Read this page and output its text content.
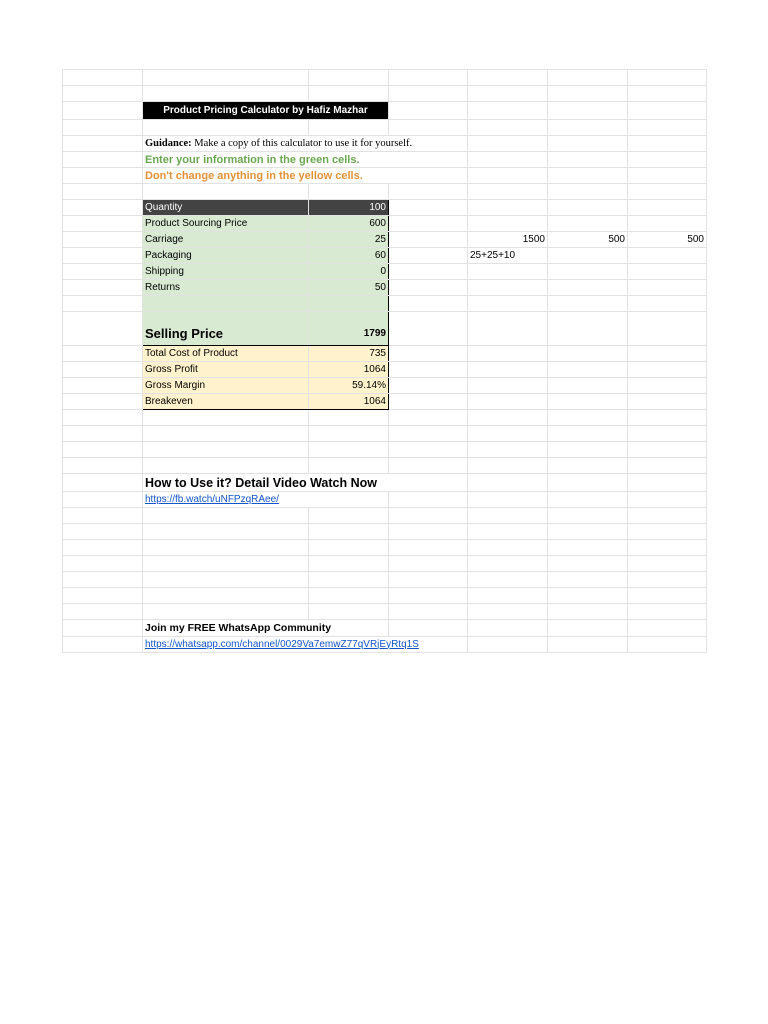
	Product Pricing Calculator by Hafiz Mazhar					

	Guidance: Make a copy of this calculator to use it for yourself.					
	Enter your information in the green cells.					
	Don't change anything in the yellow cells.					

	Quantity	100				
	Product Sourcing Price	600				
	Carriage	25		1500	500	500
	Packaging	60		25+25+10		
	Shipping	0				
	Returns	50				

	Selling Price	1799				
	Total Cost of Product	735				
	Gross Profit	1064				
	Gross Margin	59.14%				
	Breakeven	1064				

	How to Use it? Detail Video Watch Now					
	https://fb.watch/uNFPzqRAee/					

	Join my FREE WhatsApp Community					
	https://whatsapp.com/channel/0029Va7emwZ77qVRjEyRtq1S					
